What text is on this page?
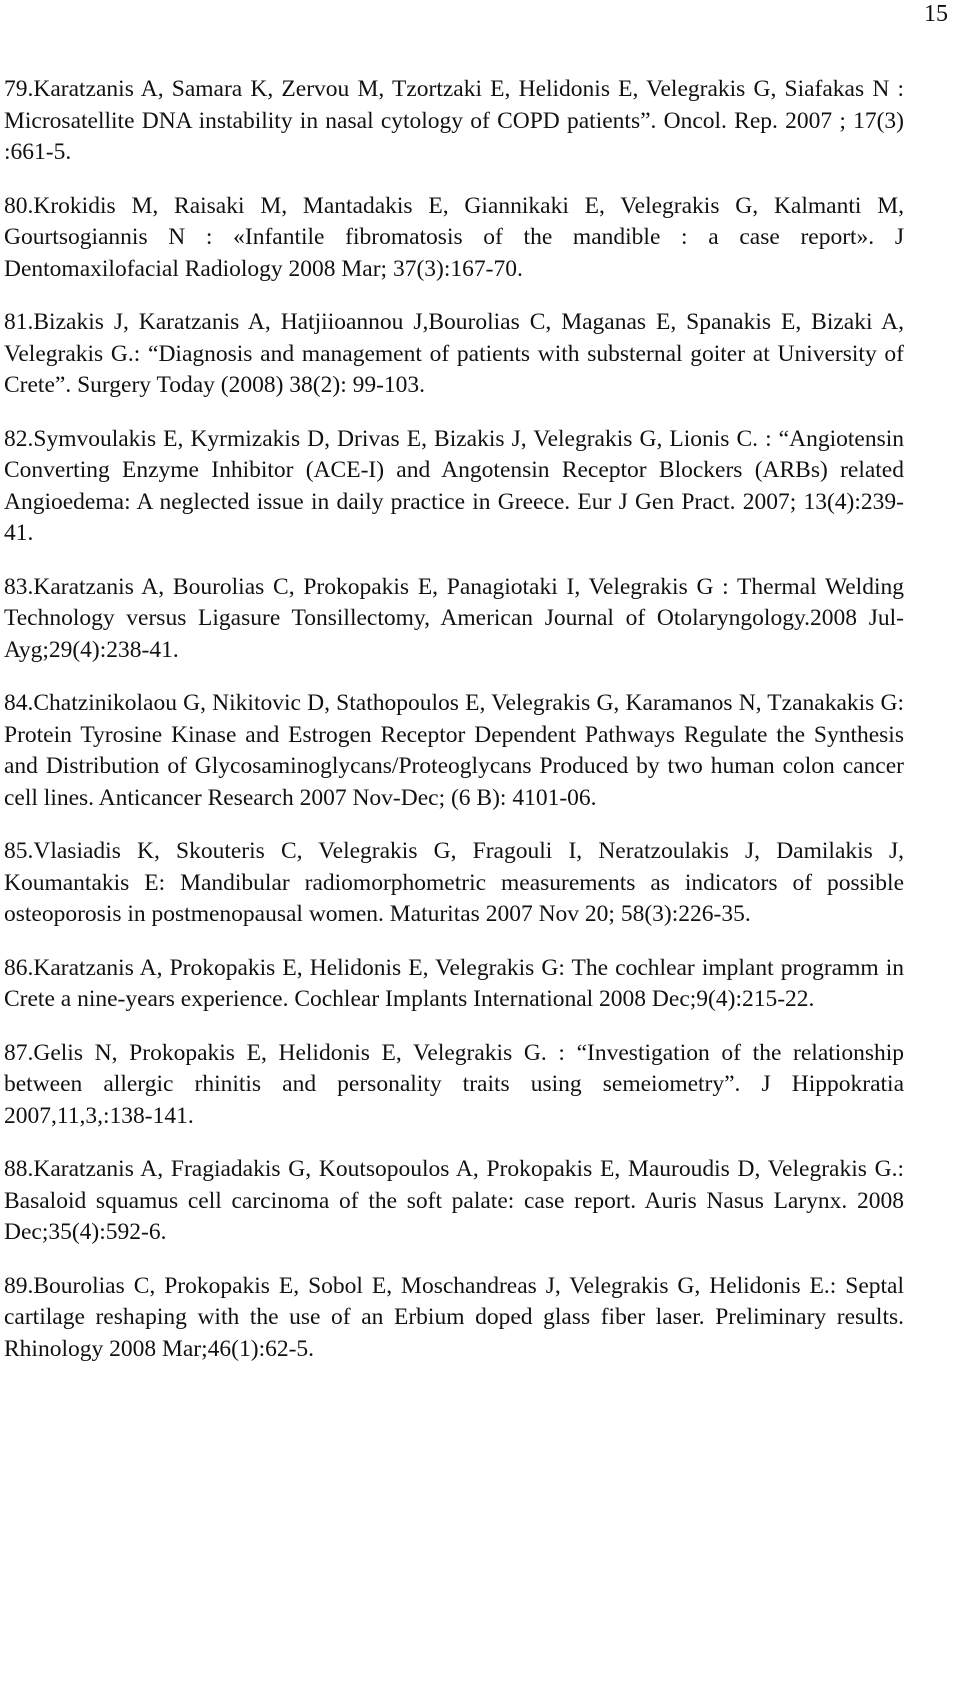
15

79.Karatzanis A, Samara K, Zervou M, Tzortzaki E, Helidonis E, Velegrakis G, Siafakas N : Microsatellite DNA instability in nasal cytology of COPD patients”. Oncol. Rep. 2007 ; 17(3) :661-5.

80.Krokidis M, Raisaki M, Mantadakis E, Giannikaki E, Velegrakis G, Kalmanti M, Gourtsogiannis N : «Infantile fibromatosis of the mandible : a case report». J Dentomaxilofacial Radiology 2008 Mar; 37(3):167-70.

81.Bizakis J, Karatzanis A, Hatjiioannou J,Bourolias C, Maganas E, Spanakis E, Bizaki A, Velegrakis G.: “Diagnosis and management of patients with substernal goiter at University of Crete”. Surgery Today (2008) 38(2): 99-103.

82.Symvoulakis E, Kyrmizakis D, Drivas E, Bizakis J, Velegrakis G, Lionis C. : “Angiotensin Converting Enzyme Inhibitor (ACE-I) and Angotensin Receptor Blockers (ARBs) related Angioedema: A neglected issue in daily practice in Greece. Eur J Gen Pract. 2007; 13(4):239-41.

83.Karatzanis A, Bourolias C, Prokopakis E, Panagiotaki I, Velegrakis G : Thermal Welding Technology versus Ligasure Tonsillectomy, American Journal of Otolaryngology.2008 Jul-Ayg;29(4):238-41.

84.Chatzinikolaou G, Nikitovic D, Stathopoulos E, Velegrakis G, Karamanos N, Tzanakakis G: Protein Tyrosine Kinase and Estrogen Receptor Dependent Pathways Regulate the Synthesis and Distribution of Glycosaminoglycans/Proteoglycans Produced by two human colon cancer cell lines. Anticancer Research 2007 Nov-Dec; (6 B): 4101-06.

85.Vlasiadis K, Skouteris C, Velegrakis G, Fragouli I, Neratzoulakis J, Damilakis J, Koumantakis E: Mandibular radiomorphometric measurements as indicators of possible osteoporosis in postmenopausal women. Maturitas 2007 Nov 20; 58(3):226-35.

86.Karatzanis A, Prokopakis E, Helidonis E, Velegrakis G: The cochlear implant programm in Crete a nine-years experience. Cochlear Implants International 2008 Dec;9(4):215-22.

87.Gelis N, Prokopakis E, Helidonis E, Velegrakis G. : “Investigation of the relationship between allergic rhinitis and personality traits using semeiometry”. J Hippokratia 2007,11,3,:138-141.

88.Karatzanis A, Fragiadakis G, Koutsopoulos A, Prokopakis E, Mauroudis D, Velegrakis G.: Basaloid squamus cell carcinoma of the soft palate: case report. Auris Nasus Larynx. 2008 Dec;35(4):592-6.

89.Bourolias C, Prokopakis E, Sobol E, Moschandreas J, Velegrakis G, Helidonis E.: Septal cartilage reshaping with the use of an Erbium doped glass fiber laser. Preliminary results. Rhinology 2008 Mar;46(1):62-5.
